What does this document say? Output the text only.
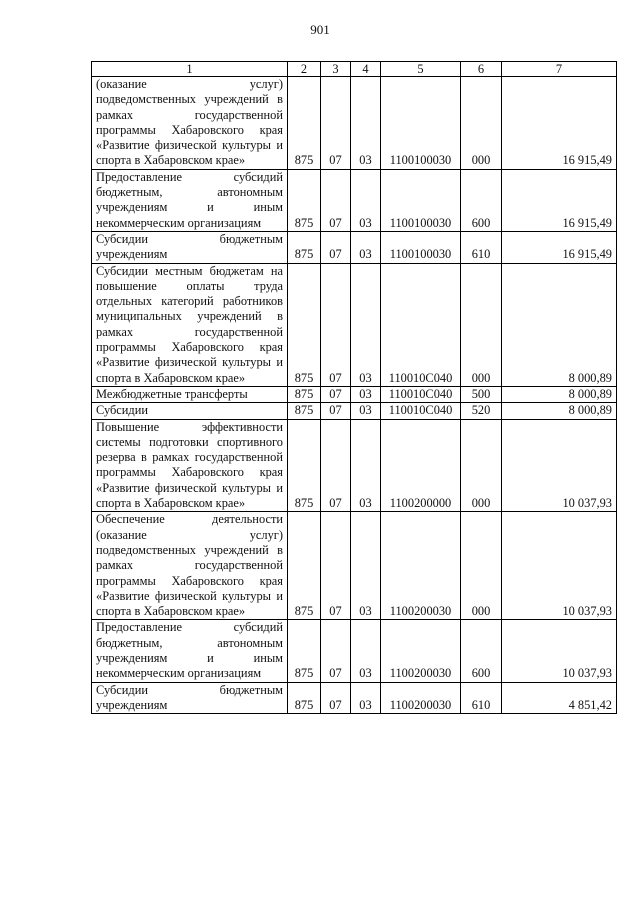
901
1	2	3	4	5	6	7
(оказание услуг) подведомственных учреждений в рамках государственной программы Хабаровского края «Развитие физической культуры и спорта в Хабаровском крае»	875	07	03	1100100030	000	16 915,49
Предоставление субсидий бюджетным, автономным учреждениям и иным некоммерческим организациям	875	07	03	1100100030	600	16 915,49
Субсидии бюджетным учреждениям	875	07	03	1100100030	610	16 915,49
Субсидии местным бюджетам на повышение оплаты труда отдельных категорий работников муниципальных учреждений в рамках государственной программы Хабаровского края «Развитие физической культуры и спорта в Хабаровском крае»	875	07	03	110010С040	000	8 000,89
Межбюджетные трансферты	875	07	03	110010С040	500	8 000,89
Субсидии	875	07	03	110010С040	520	8 000,89
Повышение эффективности системы подготовки спортивного резерва в рамках государственной программы Хабаровского края «Развитие физической культуры и спорта в Хабаровском крае»	875	07	03	1100200000	000	10 037,93
Обеспечение деятельности (оказание услуг) подведомственных учреждений в рамках государственной программы Хабаровского края «Развитие физической культуры и спорта в Хабаровском крае»	875	07	03	1100200030	000	10 037,93
Предоставление субсидий бюджетным, автономным учреждениям и иным некоммерческим организациям	875	07	03	1100200030	600	10 037,93
Субсидии бюджетным учреждениям	875	07	03	1100200030	610	4 851,42
